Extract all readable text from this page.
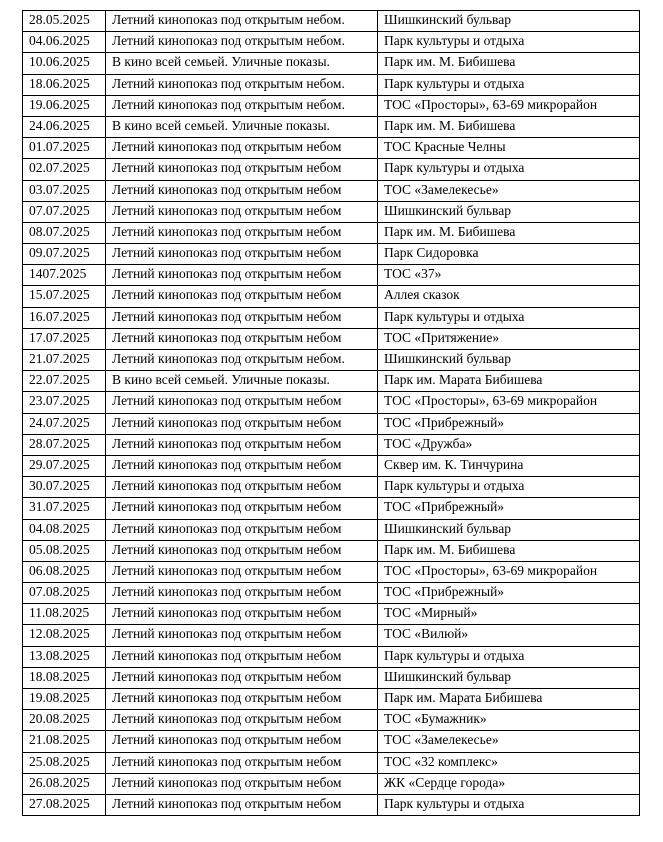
28.05.2025	Летний кинопоказ под открытым небом.	Шишкинский бульвар
04.06.2025	Летний кинопоказ под открытым небом.	Парк культуры и отдыха
10.06.2025	В кино всей семьей. Уличные показы.	Парк им. М. Бибишева
18.06.2025	Летний кинопоказ под открытым небом.	Парк культуры и отдыха
19.06.2025	Летний кинопоказ под открытым небом.	ТОС «Просторы», 63-69 микрорайон
24.06.2025	В кино всей семьей. Уличные показы.	Парк им. М. Бибишева
01.07.2025	Летний кинопоказ под открытым небом	ТОС Красные Челны
02.07.2025	Летний кинопоказ под открытым небом	Парк культуры и отдыха
03.07.2025	Летний кинопоказ под открытым небом	ТОС «Замелекесье»
07.07.2025	Летний кинопоказ под открытым небом	Шишкинский бульвар
08.07.2025	Летний кинопоказ под открытым небом	Парк им. М. Бибишева
09.07.2025	Летний кинопоказ под открытым небом	Парк Сидоровка
1407.2025	Летний кинопоказ под открытым небом	ТОС «37»
15.07.2025	Летний кинопоказ под открытым небом	Аллея сказок
16.07.2025	Летний кинопоказ под открытым небом	Парк культуры и отдыха
17.07.2025	Летний кинопоказ под открытым небом	ТОС «Притяжение»
21.07.2025	Летний кинопоказ под открытым небом.	Шишкинский бульвар
22.07.2025	В кино всей семьей. Уличные показы.	Парк им. Марата Бибишева
23.07.2025	Летний кинопоказ под открытым небом	ТОС «Просторы», 63-69 микрорайон
24.07.2025	Летний кинопоказ под открытым небом	ТОС «Прибрежный»
28.07.2025	Летний кинопоказ под открытым небом	ТОС «Дружба»
29.07.2025	Летний кинопоказ под открытым небом	Сквер им. К. Тинчурина
30.07.2025	Летний кинопоказ под открытым небом	Парк культуры и отдыха
31.07.2025	Летний кинопоказ под открытым небом	ТОС «Прибрежный»
04.08.2025	Летний кинопоказ под открытым небом	Шишкинский бульвар
05.08.2025	Летний кинопоказ под открытым небом	Парк им. М. Бибишева
06.08.2025	Летний кинопоказ под открытым небом	ТОС «Просторы», 63-69 микрорайон
07.08.2025	Летний кинопоказ под открытым небом	ТОС «Прибрежный»
11.08.2025	Летний кинопоказ под открытым небом	ТОС «Мирный»
12.08.2025	Летний кинопоказ под открытым небом	ТОС «Вилюй»
13.08.2025	Летний кинопоказ под открытым небом	Парк культуры и отдыха
18.08.2025	Летний кинопоказ под открытым небом	Шишкинский бульвар
19.08.2025	Летний кинопоказ под открытым небом	Парк им. Марата Бибишева
20.08.2025	Летний кинопоказ под открытым небом	ТОС «Бумажник»
21.08.2025	Летний кинопоказ под открытым небом	ТОС «Замелекесье»
25.08.2025	Летний кинопоказ под открытым небом	ТОС «32 комплекс»
26.08.2025	Летний кинопоказ под открытым небом	ЖК «Сердце города»
27.08.2025	Летний кинопоказ под открытым небом	Парк культуры и отдыха
